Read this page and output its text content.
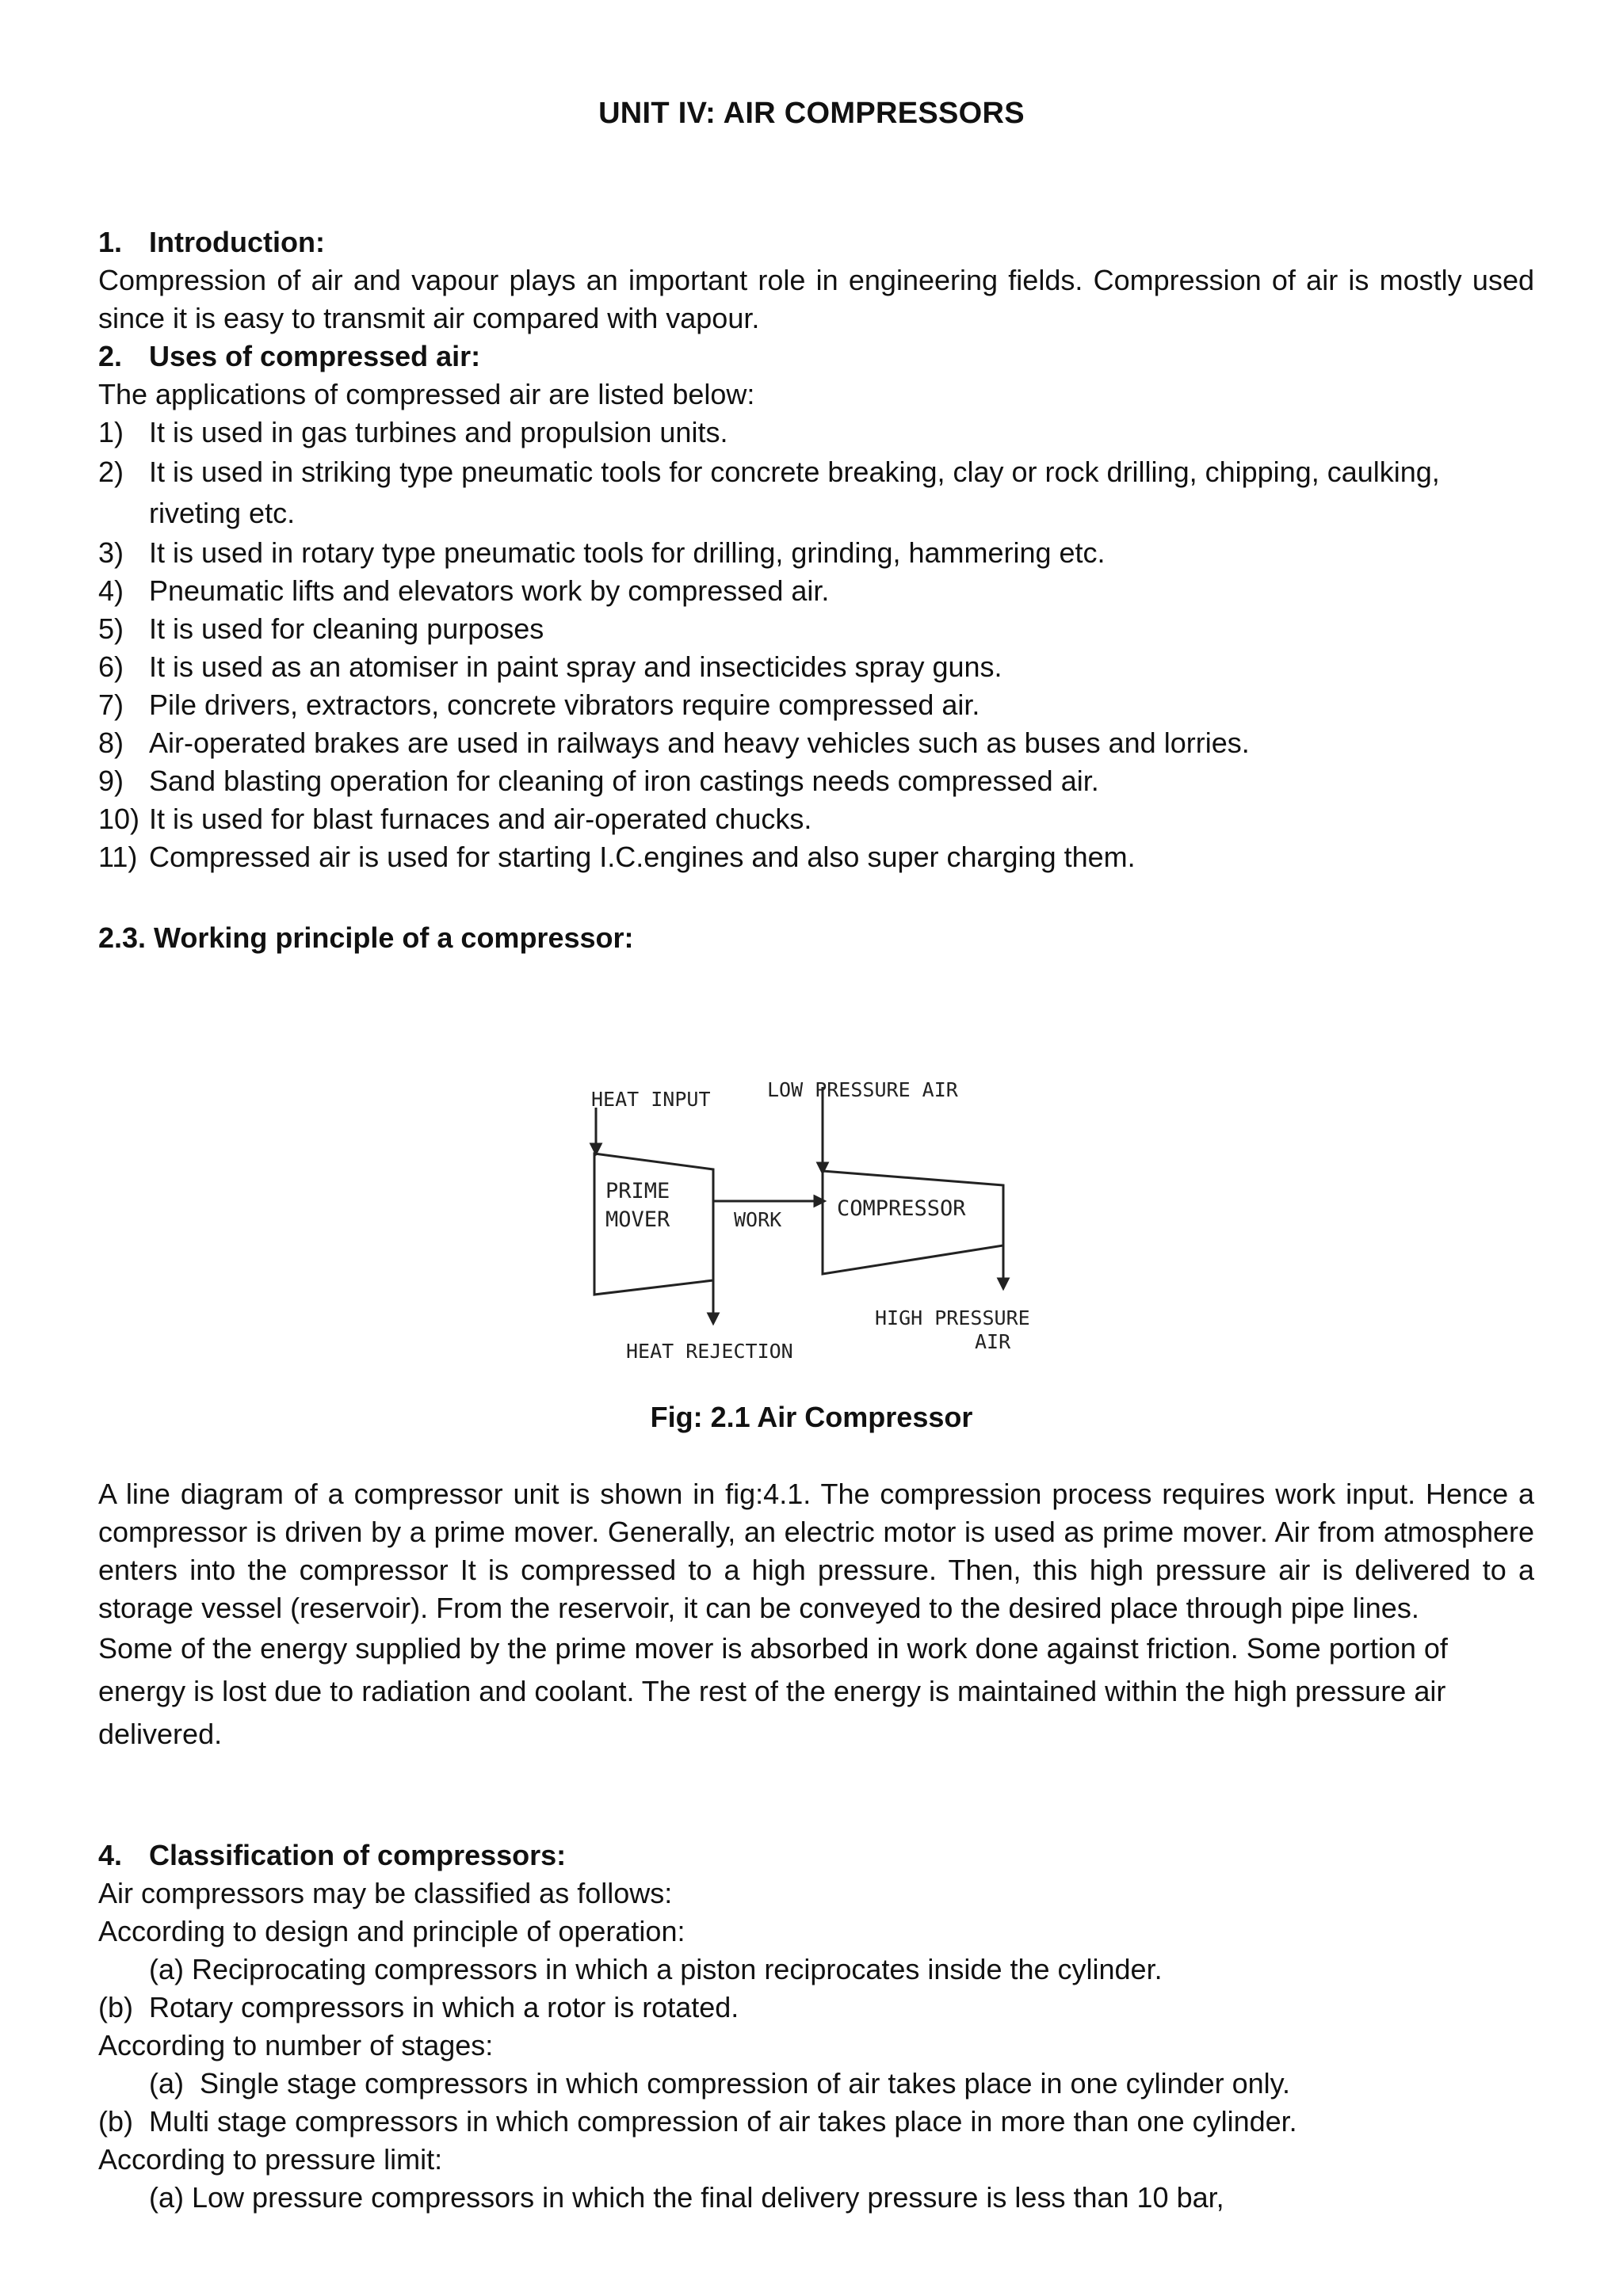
UNIT IV: AIR COMPRESSORS

1. Introduction:

Compression of air and vapour plays an important role in engineering fields. Compression of air is mostly used since it is easy to transmit air compared with vapour.

2. Uses of compressed air:

The applications of compressed air are listed below:

1) It is used in gas turbines and propulsion units.
2) It is used in striking type pneumatic tools for concrete breaking, clay or rock drilling, chipping, caulking, riveting etc.
3) It is used in rotary type pneumatic tools for drilling, grinding, hammering etc.
4) Pneumatic lifts and elevators work by compressed air.
5) It is used for cleaning purposes
6) It is used as an atomiser in paint spray and insecticides spray guns.
7) Pile drivers, extractors, concrete vibrators require compressed air.
8) Air-operated brakes are used in railways and heavy vehicles such as buses and lorries.
9) Sand blasting operation for cleaning of iron castings needs compressed air.
10) It is used for blast furnaces and air-operated chucks.
11) Compressed air is used for starting I.C.engines and also super charging them.
2.3. Working principle of a compressor:
HEAT INPUT	LOW PRESSURE AIR
PRIME
MOVER	WORK	COMPRESSOR
HIGH PRESSURE
AIR
HEAT REJECTION
Fig: 2.1 Air Compressor

A line diagram of a compressor unit is shown in fig:4.1. The compression process requires work input. Hence a compressor is driven by a prime mover. Generally, an electric motor is used as prime mover. Air from atmosphere enters into the compressor It is compressed to a high pressure. Then, this high pressure air is delivered to a storage vessel (reservoir). From the reservoir, it can be conveyed to the desired place through pipe lines.

Some of the energy supplied by the prime mover is absorbed in work done against friction. Some portion of energy is lost due to radiation and coolant. The rest of the energy is maintained within the high pressure air delivered.

4. Classification of compressors:

Air compressors may be classified as follows:

According to design and principle of operation:

(a) Reciprocating compressors in which a piston reciprocates inside the cylinder.

(b) Rotary compressors in which a rotor is rotated.

According to number of stages:

(a) Single stage compressors in which compression of air takes place in one cylinder only.

(b) Multi stage compressors in which compression of air takes place in more than one cylinder.

According to pressure limit:

(a) Low pressure compressors in which the final delivery pressure is less than 10 bar,
